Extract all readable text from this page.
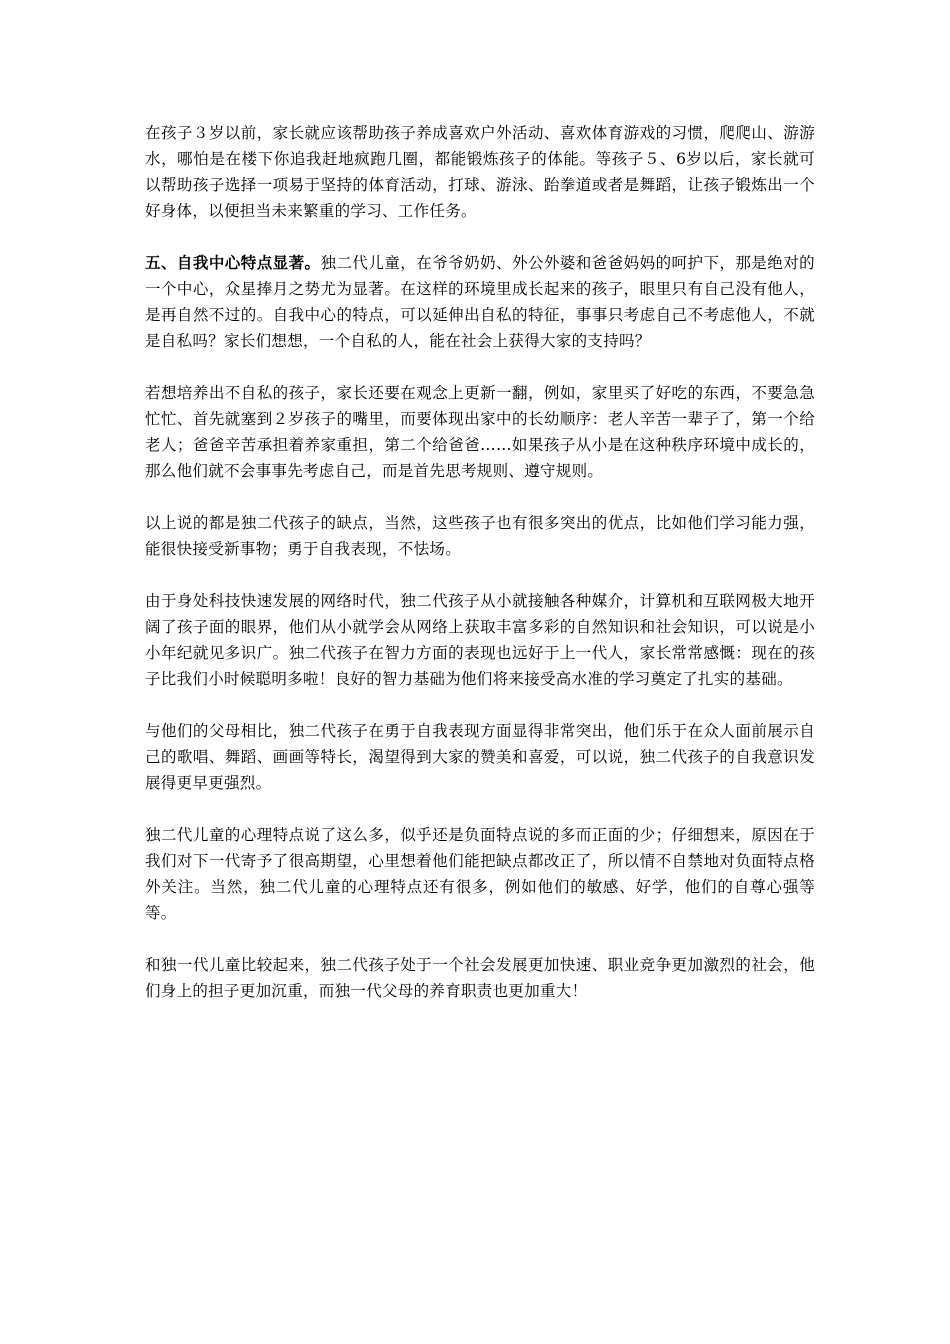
在孩子３岁以前，家长就应该帮助孩子养成喜欢户外活动、喜欢体育游戏的习惯，爬爬山、游游水，哪怕是在楼下你追我赶地疯跑几圈，都能锻炼孩子的体能。等孩子５、6岁以后，家长就可以帮助孩子选择一项易于坚持的体育活动，打球、游泳、跆拳道或者是舞蹈，让孩子锻炼出一个好身体，以便担当未来繁重的学习、工作任务。

五、自我中心特点显著。独二代儿童，在爷爷奶奶、外公外婆和爸爸妈妈的呵护下，那是绝对的一个中心，众星捧月之势尤为显著。在这样的环境里成长起来的孩子，眼里只有自己没有他人，是再自然不过的。自我中心的特点，可以延伸出自私的特征，事事只考虑自己不考虑他人，不就是自私吗？家长们想想，一个自私的人，能在社会上获得大家的支持吗？

若想培养出不自私的孩子，家长还要在观念上更新一翻，例如，家里买了好吃的东西，不要急急忙忙、首先就塞到２岁孩子的嘴里，而要体现出家中的长幼顺序：老人辛苦一辈子了，第一个给老人；爸爸辛苦承担着养家重担，第二个给爸爸……如果孩子从小是在这种秩序环境中成长的，那么他们就不会事事先考虑自己，而是首先思考规则、遵守规则。

以上说的都是独二代孩子的缺点，当然，这些孩子也有很多突出的优点，比如他们学习能力强，能很快接受新事物；勇于自我表现，不怯场。

由于身处科技快速发展的网络时代，独二代孩子从小就接触各种媒介，计算机和互联网极大地开阔了孩子面的眼界，他们从小就学会从网络上获取丰富多彩的自然知识和社会知识，可以说是小小年纪就见多识广。独二代孩子在智力方面的表现也远好于上一代人，家长常常感慨：现在的孩子比我们小时候聪明多啦！良好的智力基础为他们将来接受高水准的学习奠定了扎实的基础。

与他们的父母相比，独二代孩子在勇于自我表现方面显得非常突出，他们乐于在众人面前展示自己的歌唱、舞蹈、画画等特长，渴望得到大家的赞美和喜爱，可以说，独二代孩子的自我意识发展得更早更强烈。

独二代儿童的心理特点说了这么多，似乎还是负面特点说的多而正面的少；仔细想来，原因在于我们对下一代寄予了很高期望，心里想着他们能把缺点都改正了，所以情不自禁地对负面特点格外关注。当然，独二代儿童的心理特点还有很多，例如他们的敏感、好学，他们的自尊心强等等。

和独一代儿童比较起来，独二代孩子处于一个社会发展更加快速、职业竞争更加激烈的社会，他们身上的担子更加沉重，而独一代父母的养育职责也更加重大！
